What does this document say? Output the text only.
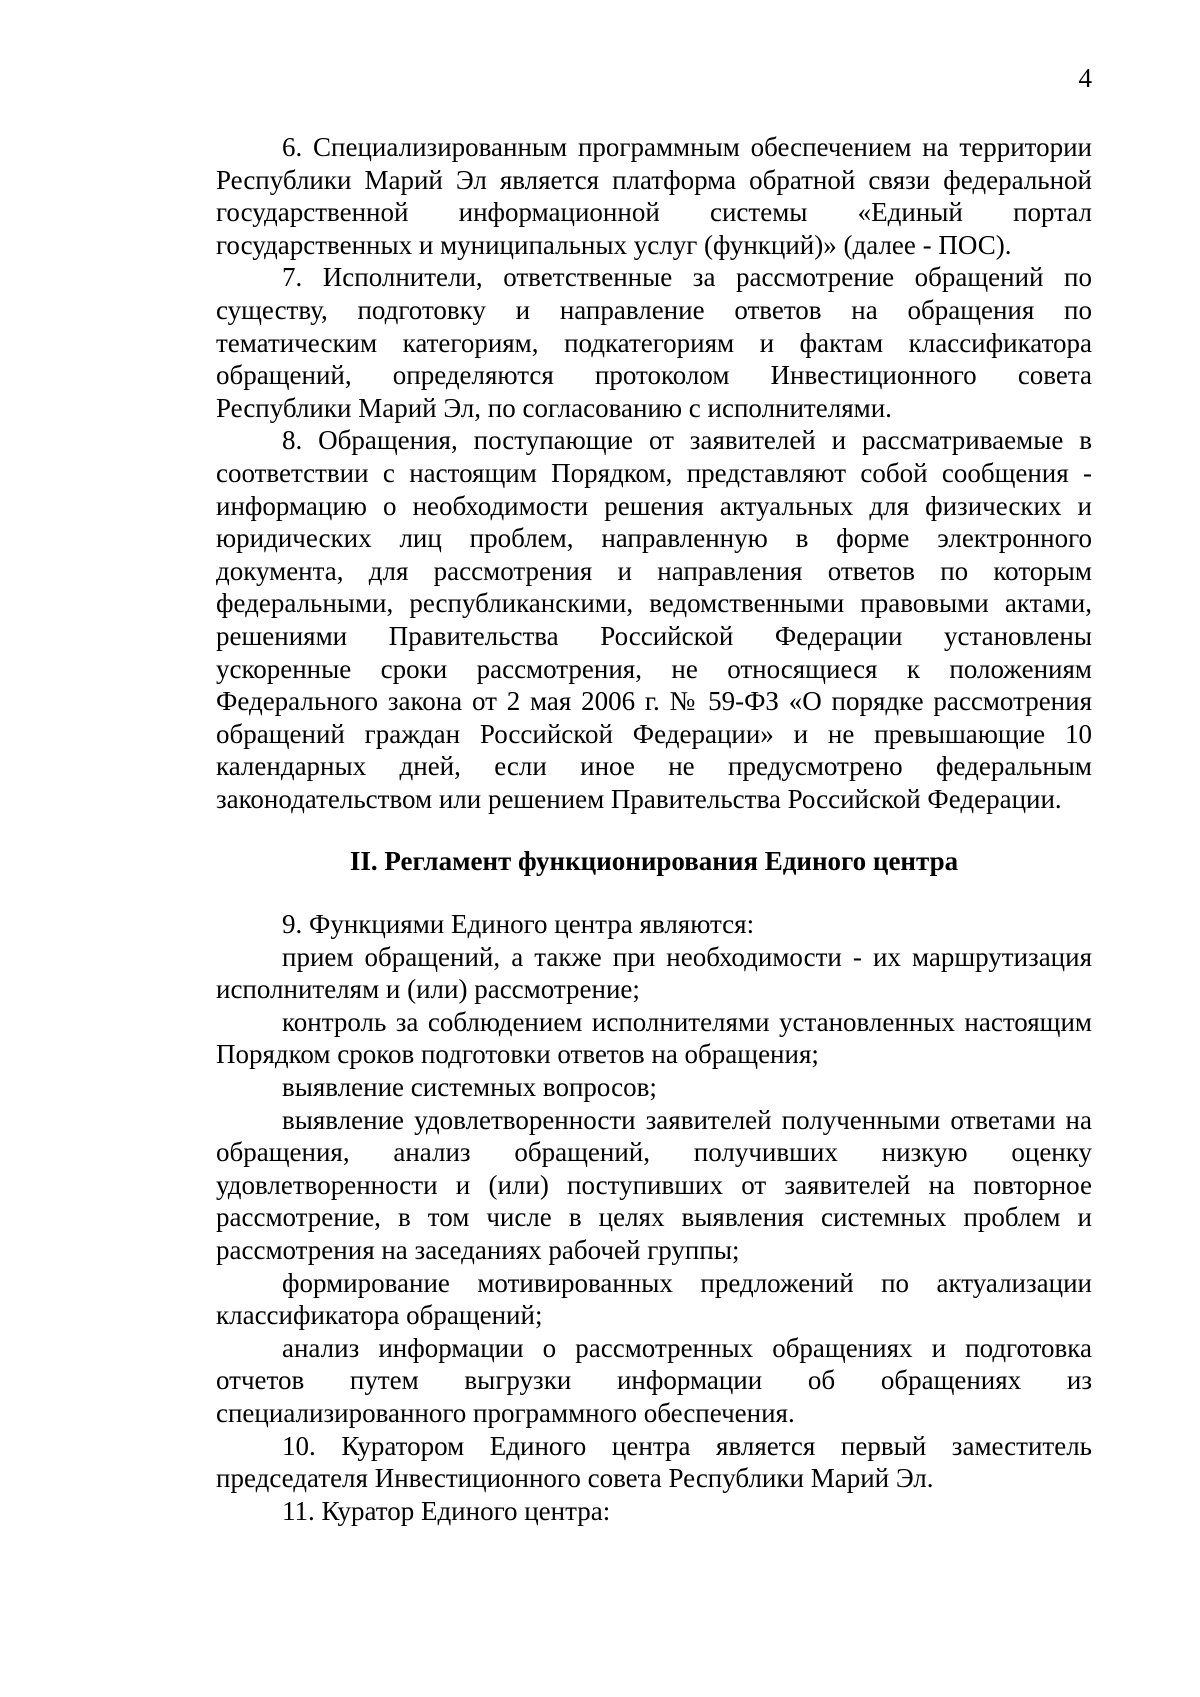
4

6. Специализированным программным обеспечением на территории Республики Марий Эл является платформа обратной связи федеральной государственной информационной системы «Единый портал государственных и муниципальных услуг (функций)» (далее - ПОС).

7. Исполнители, ответственные за рассмотрение обращений по существу, подготовку и направление ответов на обращения по тематическим категориям, подкатегориям и фактам классификатора обращений, определяются протоколом Инвестиционного совета Республики Марий Эл, по согласованию с исполнителями.

8. Обращения, поступающие от заявителей и рассматриваемые в соответствии с настоящим Порядком, представляют собой сообщения - информацию о необходимости решения актуальных для физических и юридических лиц проблем, направленную в форме электронного документа, для рассмотрения и направления ответов по которым федеральными, республиканскими, ведомственными правовыми актами, решениями Правительства Российской Федерации установлены ускоренные сроки рассмотрения, не относящиеся к положениям Федерального закона от 2 мая 2006 г. № 59-ФЗ «О порядке рассмотрения обращений граждан Российской Федерации» и не превышающие 10 календарных дней, если иное не предусмотрено федеральным законодательством или решением Правительства Российской Федерации.

II. Регламент функционирования Единого центра

9. Функциями Единого центра являются:

прием обращений, а также при необходимости - их маршрутизация исполнителям и (или) рассмотрение;

контроль за соблюдением исполнителями установленных настоящим Порядком сроков подготовки ответов на обращения;

выявление системных вопросов;

выявление удовлетворенности заявителей полученными ответами на обращения, анализ обращений, получивших низкую оценку удовлетворенности и (или) поступивших от заявителей на повторное рассмотрение, в том числе в целях выявления системных проблем и рассмотрения на заседаниях рабочей группы;

формирование мотивированных предложений по актуализации классификатора обращений;

анализ информации о рассмотренных обращениях и подготовка отчетов путем выгрузки информации об обращениях из специализированного программного обеспечения.

10. Куратором Единого центра является первый заместитель председателя Инвестиционного совета Республики Марий Эл.

11. Куратор Единого центра:
